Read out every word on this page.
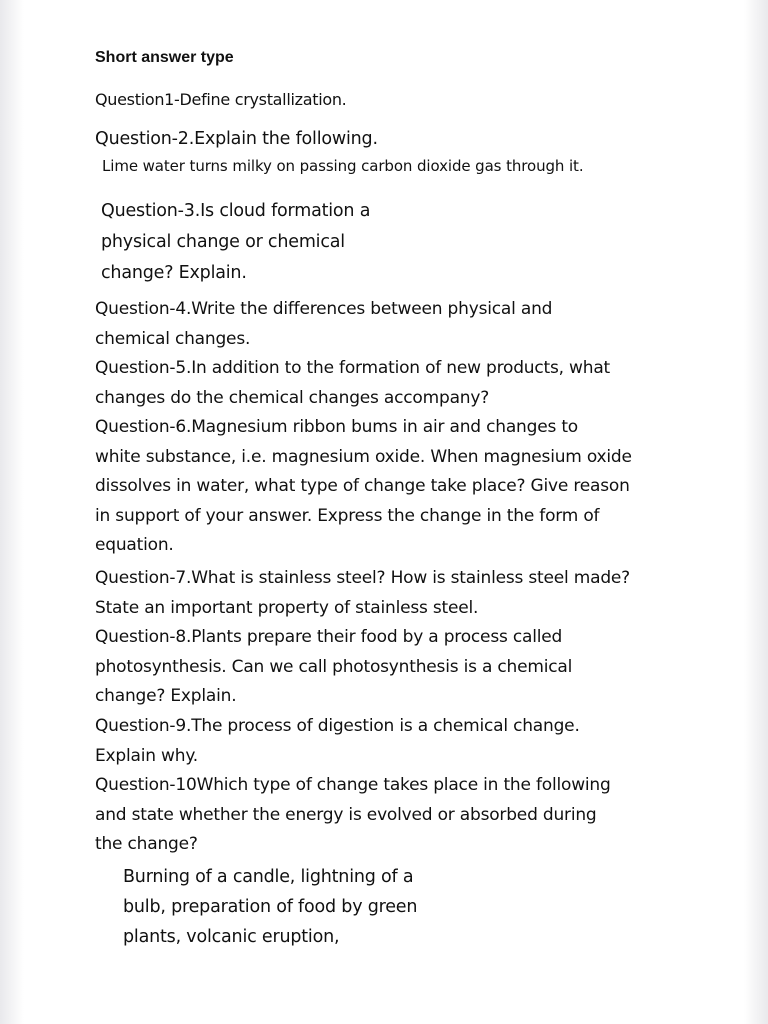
Short answer type
Question1-Define crystallization.
Question-2.Explain the following.
Lime water turns milky on passing carbon dioxide gas through it.
Question-3.Is cloud formation a
physical change or chemical
change? Explain.
Question-4.Write the differences between physical and
chemical changes.
Question-5.In addition to the formation of new products, what
changes do the chemical changes accompany?
Question-6.Magnesium ribbon bums in air and changes to
white substance, i.e. magnesium oxide. When magnesium oxide
dissolves in water, what type of change take place? Give reason
in support of your answer. Express the change in the form of
equation.
Question-7.What is stainless steel? How is stainless steel made?
State an important property of stainless steel.
Question-8.Plants prepare their food by a process called
photosynthesis. Can we call photosynthesis is a chemical
change? Explain.
Question-9.The process of digestion is a chemical change.
Explain why.
Question-10Which type of change takes place in the following
and state whether the energy is evolved or absorbed during
the change?
Burning of a candle, lightning of a
bulb, preparation of food by green
plants, volcanic eruption,
